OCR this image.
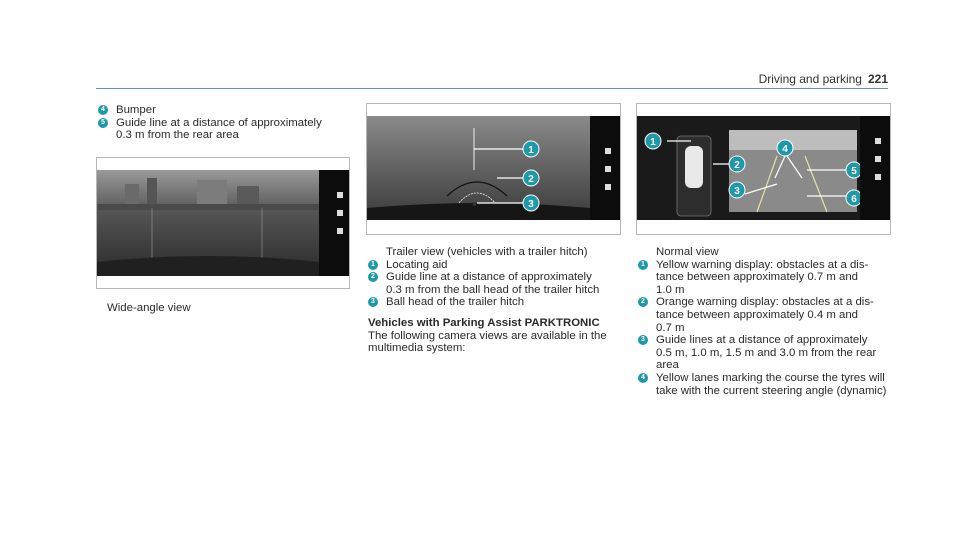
Driving and parking 221
4 Bumper
5 Guide line at a distance of approximately
0.3 m from the rear area
Wide-angle view
1
2
3
Trailer view (vehicles with a trailer hitch)
1 Locating aid
2 Guide line at a distance of approximately
0.3 m from the ball head of the trailer hitch
3 Ball head of the trailer hitch
Vehicles with Parking Assist PARKTRONIC
The following camera views are available in the
multimedia system:
1
2
3
4
5
6
Normal view
1 Yellow warning display: obstacles at a dis-
tance between approximately 0.7 m and
1.0 m
2 Orange warning display: obstacles at a dis-
tance between approximately 0.4 m and
0.7 m
3 Guide lines at a distance of approximately
0.5 m, 1.0 m, 1.5 m and 3.0 m from the rear
area
4 Yellow lanes marking the course the tyres will
take with the current steering angle (dynamic)
